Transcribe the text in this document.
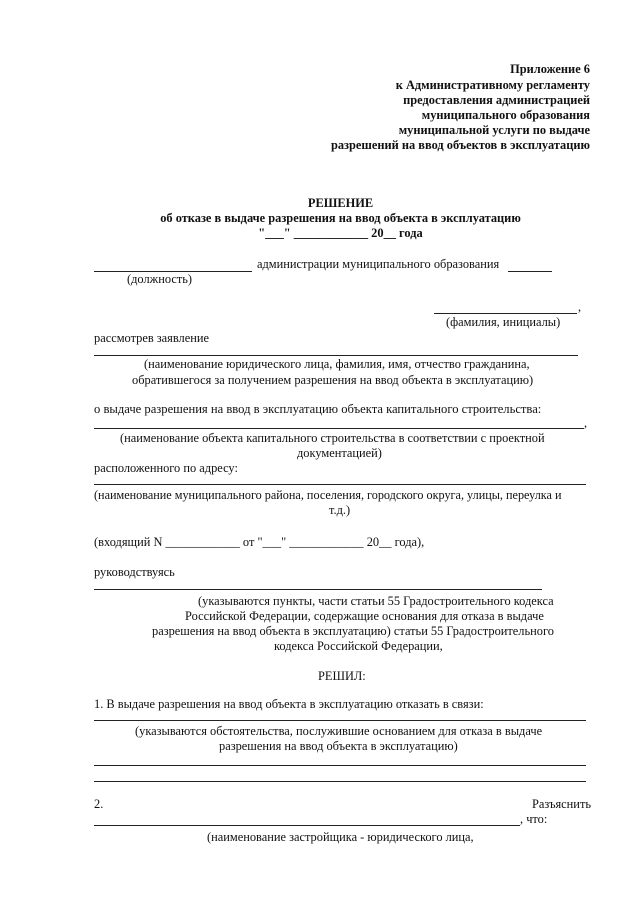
Приложение 6
к Административному регламенту
предоставления администрацией
муниципального образования
муниципальной услуги по выдаче
разрешений на ввод объектов в эксплуатацию
РЕШЕНИЕ
об отказе в выдаче разрешения на ввод объекта в эксплуатацию
"___" ____________ 20__ года
администрации муниципального образования
(должность)
,
(фамилия, инициалы)
рассмотрев заявление
(наименование юридического лица, фамилия, имя, отчество гражданина,
обратившегося за получением разрешения на ввод объекта в эксплуатацию)
о выдаче разрешения на ввод в эксплуатацию объекта капитального строительства:
,
(наименование объекта капитального строительства в соответствии с проектной
документацией)
расположенного по адресу:
(наименование муниципального района, поселения, городского округа, улицы, переулка и
т.д.)
(входящий N ____________ от "___" ____________ 20__ года),
руководствуясь
(указываются пункты, части статьи 55 Градостроительного кодекса
Российской Федерации, содержащие основания для отказа в выдаче
разрешения на ввод объекта в эксплуатацию) статьи 55 Градостроительного
кодекса Российской Федерации,
РЕШИЛ:
1. В выдаче разрешения на ввод объекта в эксплуатацию отказать в связи:
(указываются обстоятельства, послужившие основанием для отказа в выдаче
разрешения на ввод объекта в эксплуатацию)
2.	Разъяснить
, что:
(наименование застройщика - юридического лица,
